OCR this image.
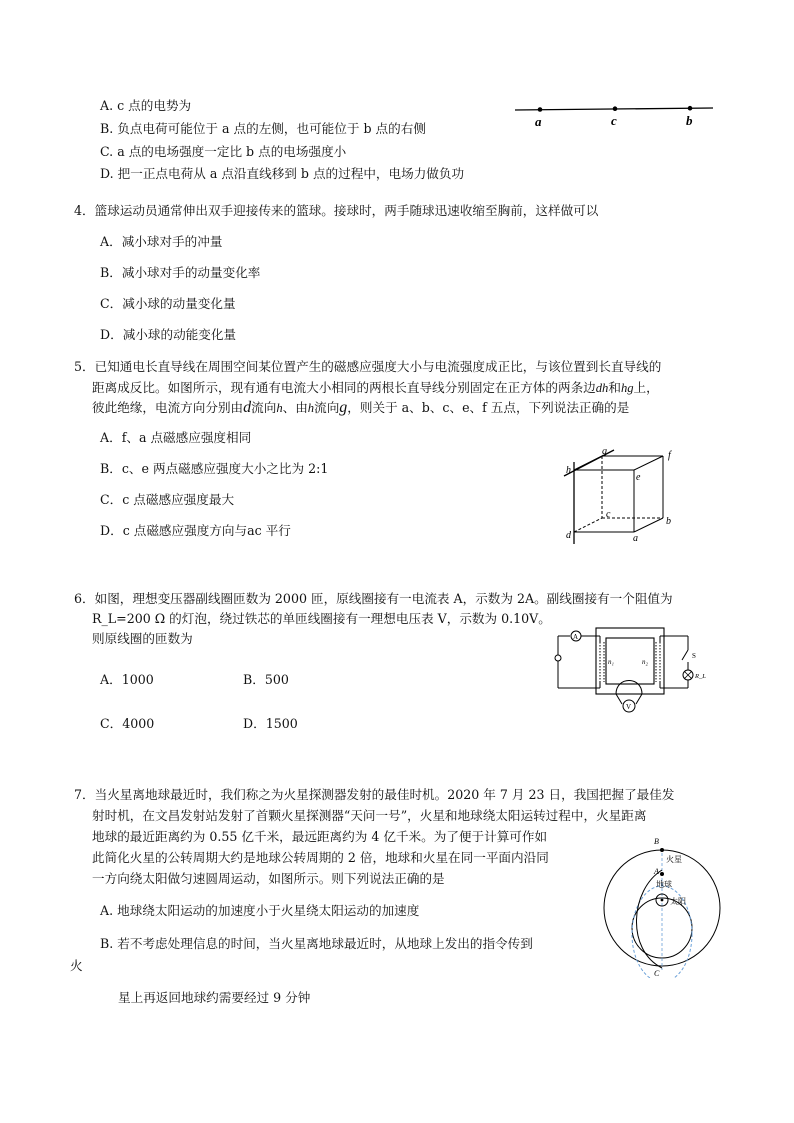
A. c 点的电势为
B. 负点电荷可能位于 a 点的左侧，也可能位于 b 点的右侧
C. a 点的电场强度一定比 b 点的电场强度小
D. 把一正点电荷从 a 点沿直线移到 b 点的过程中，电场力做负功
a	c	b
4．篮球运动员通常伸出双手迎接传来的篮球。接球时，两手随球迅速收缩至胸前，这样做可以
A．减小球对手的冲量
B．减小球对手的动量变化率
C．减小球的动量变化量
D．减小球的动能变化量
5．已知通电长直导线在周围空间某位置产生的磁感应强度大小与电流强度成正比，与该位置到长直导线的
距离成反比。如图所示，现有通有电流大小相同的两根长直导线分别固定在正方体的两条边dh和hg上，
彼此绝缘，电流方向分别由d流向h、由h流向g，则关于 a、b、c、e、f 五点，下列说法正确的是
A．f、a 点磁感应强度相同
B．c、e 两点磁感应强度大小之比为 2:1
C．c 点磁感应强度最大
D．c 点磁感应强度方向与ac 平行
g	f
h
e
c
b
d	a
6．如图，理想变压器副线圈匝数为 2000 匝，原线圈接有一电流表 A，示数为 2A。副线圈接有一个阻值为
R_L=200 Ω 的灯泡，绕过铁芯的单匝线圈接有一理想电压表 V，示数为 0.10V。
则原线圈的匝数为
A．1000	B．500
C．4000	D．1500
n₁	n₂
A
S
R_L
V
7．当火星离地球最近时，我们称之为火星探测器发射的最佳时机。2020 年 7 月 23 日，我国把握了最佳发
射时机，在文昌发射站发射了首颗火星探测器“天问一号”，火星和地球绕太阳运转过程中，火星距离
地球的最近距离约为 0.55 亿千米，最远距离约为 4 亿千米。为了便于计算可作如
此简化火星的公转周期大约是地球公转周期的 2 倍，地球和火星在同一平面内沿同
一方向绕太阳做匀速圆周运动，如图所示。则下列说法正确的是
A. 地球绕太阳运动的加速度小于火星绕太阳运动的加速度
B. 若不考虑处理信息的时间，当火星离地球最近时，从地球上发出的指令传到
火
星上再返回地球约需要经过 9 分钟
太阳
地球
火星
B
A
C
